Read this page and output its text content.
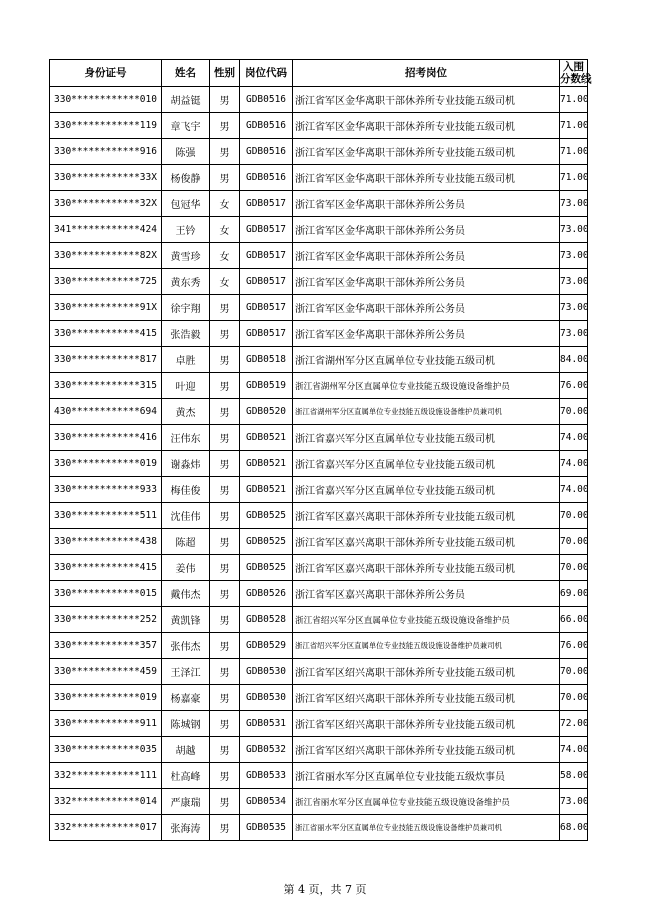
身份证号	姓名	性别	岗位代码	招考岗位	入围
分数线

330************010	胡益铤	男	GDB0516	浙江省军区金华离职干部休养所专业技能五级司机	71.00
330************119	章飞宇	男	GDB0516	浙江省军区金华离职干部休养所专业技能五级司机	71.00
330************916	陈强	男	GDB0516	浙江省军区金华离职干部休养所专业技能五级司机	71.00
330************33X	杨俊静	男	GDB0516	浙江省军区金华离职干部休养所专业技能五级司机	71.00
330************32X	包冠华	女	GDB0517	浙江省军区金华离职干部休养所公务员	73.00
341************424	王钤	女	GDB0517	浙江省军区金华离职干部休养所公务员	73.00
330************82X	黄雪珍	女	GDB0517	浙江省军区金华离职干部休养所公务员	73.00
330************725	黄东秀	女	GDB0517	浙江省军区金华离职干部休养所公务员	73.00
330************91X	徐宇翔	男	GDB0517	浙江省军区金华离职干部休养所公务员	73.00
330************415	张浩毅	男	GDB0517	浙江省军区金华离职干部休养所公务员	73.00
330************817	卓胜	男	GDB0518	浙江省湖州军分区直属单位专业技能五级司机	84.00
330************315	叶迎	男	GDB0519	浙江省湖州军分区直属单位专业技能五级设施设备维护员	76.00
430************694	黄杰	男	GDB0520	浙江省湖州军分区直属单位专业技能五级设施设备维护员兼司机	70.00
330************416	汪伟东	男	GDB0521	浙江省嘉兴军分区直属单位专业技能五级司机	74.00
330************019	谢淼炜	男	GDB0521	浙江省嘉兴军分区直属单位专业技能五级司机	74.00
330************933	梅佳俊	男	GDB0521	浙江省嘉兴军分区直属单位专业技能五级司机	74.00
330************511	沈佳伟	男	GDB0525	浙江省军区嘉兴离职干部休养所专业技能五级司机	70.00
330************438	陈超	男	GDB0525	浙江省军区嘉兴离职干部休养所专业技能五级司机	70.00
330************415	姜伟	男	GDB0525	浙江省军区嘉兴离职干部休养所专业技能五级司机	70.00
330************015	戴伟杰	男	GDB0526	浙江省军区嘉兴离职干部休养所公务员	69.00
330************252	黄凯锋	男	GDB0528	浙江省绍兴军分区直属单位专业技能五级设施设备维护员	66.00
330************357	张伟杰	男	GDB0529	浙江省绍兴军分区直属单位专业技能五级设施设备维护员兼司机	76.00
330************459	王泽江	男	GDB0530	浙江省军区绍兴离职干部休养所专业技能五级司机	70.00
330************019	杨嘉豪	男	GDB0530	浙江省军区绍兴离职干部休养所专业技能五级司机	70.00
330************911	陈城钢	男	GDB0531	浙江省军区绍兴离职干部休养所专业技能五级司机	72.00
330************035	胡越	男	GDB0532	浙江省军区绍兴离职干部休养所专业技能五级司机	74.00
332************111	杜高峰	男	GDB0533	浙江省丽水军分区直属单位专业技能五级炊事员	58.00
332************014	严康瑞	男	GDB0534	浙江省丽水军分区直属单位专业技能五级设施设备维护员	73.00
332************017	张海涛	男	GDB0535	浙江省丽水军分区直属单位专业技能五级设施设备维护员兼司机	68.00
第 4 页，共 7 页
